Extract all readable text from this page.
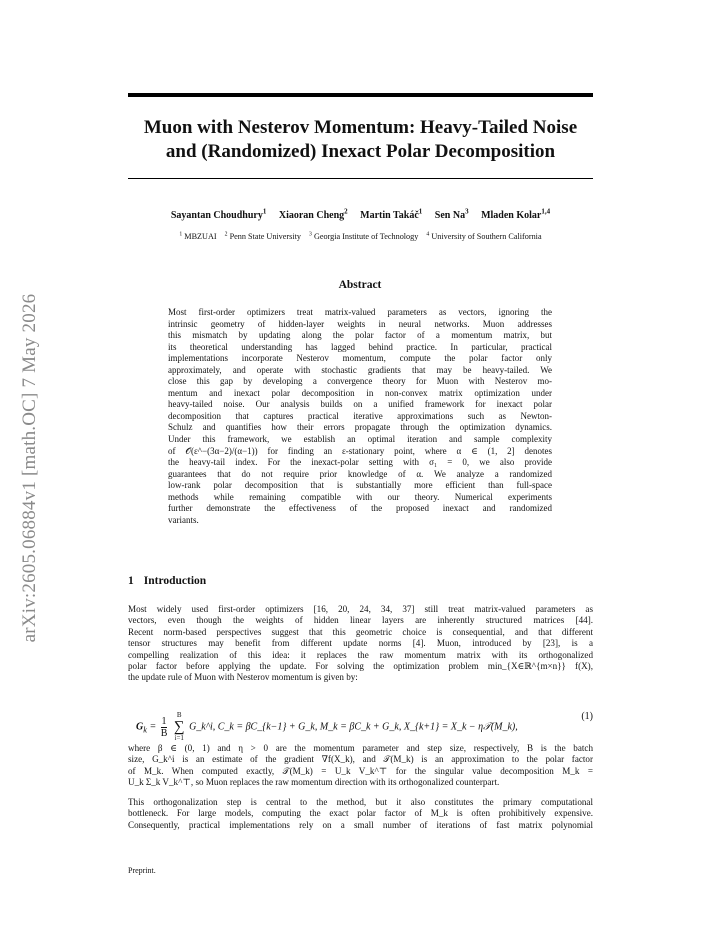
Muon with Nesterov Momentum: Heavy-Tailed Noise
and (Randomized) Inexact Polar Decomposition
arXiv:2605.06884v1 [math.OC] 7 May 2026
Sayantan Choudhury$^1$ Xiaoran Cheng$^2$ Martin Takáč$^1$ Sen Na$^3$ Mladen Kolar$^{1,4}$
$^1$ MBZUAI $^2$ Penn State University $^3$ Georgia Institute of Technology $^4$ University of Southern California
Abstract
Most first-order optimizers treat matrix-valued parameters as vectors, ignoring the
intrinsic geometry of hidden-layer weights in neural networks. Muon addresses
this mismatch by updating along the polar factor of a momentum matrix, but
its theoretical understanding has lagged behind practice. In particular, practical
implementations incorporate Nesterov momentum, compute the polar factor only
approximately, and operate with stochastic gradients that may be heavy-tailed. We
close this gap by developing a convergence theory for Muon with Nesterov mo-
mentum and inexact polar decomposition in non-convex matrix optimization under
heavy-tailed noise. Our analysis builds on a unified framework for inexact polar
decomposition that captures practical iterative approximations such as Newton-
Schulz and quantifies how their errors propagate through the optimization dynamics.
Under this framework, we establish an optimal iteration and sample complexity
of 𝒪(ε^−(3α−2)/(α−1)) for finding an ε-stationary point, where α ∈ (1, 2] denotes
the heavy-tail index. For the inexact-polar setting with σ₁ = 0, we also provide
guarantees that do not require prior knowledge of α. We analyze a randomized
low-rank polar decomposition that is substantially more efficient than full-space
methods while remaining compatible with our theory. Numerical experiments
further demonstrate the effectiveness of the proposed inexact and randomized
variants.
1 Introduction
Most widely used first-order optimizers [16, 20, 24, 34, 37] still treat matrix-valued parameters as
vectors, even though the weights of hidden linear layers are inherently structured matrices [44].
Recent norm-based perspectives suggest that this geometric choice is consequential, and that different
tensor structures may benefit from different update norms [4]. Muon, introduced by [23], is a
compelling realization of this idea: it replaces the raw momentum matrix with its orthogonalized
polar factor before applying the update. For solving the optimization problem min_{X∈ℝ^{m×n}} f(X),
the update rule of Muon with Nesterov momentum is given by:
$G_k = \frac{1}{B}$

B
∑
i=1
G_k^i, C_k = βC_{k−1} + G_k, M_k = βC_k + G_k, X_{k+1} = X_k − η𝒯(M_k),
(1)
where β ∈ (0, 1) and η > 0 are the momentum parameter and step size, respectively, B is the batch
size, G_k^i is an estimate of the gradient ∇f(X_k), and 𝒯(M_k) is an approximation to the polar factor
of M_k. When computed exactly, 𝒯(M_k) = U_k V_k^⊤ for the singular value decomposition M_k =
U_k Σ_k V_k^⊤, so Muon replaces the raw momentum direction with its orthogonalized counterpart.
This orthogonalization step is central to the method, but it also constitutes the primary computational
bottleneck. For large models, computing the exact polar factor of M_k is often prohibitively expensive.
Consequently, practical implementations rely on a small number of iterations of fast matrix polynomial
Preprint.
